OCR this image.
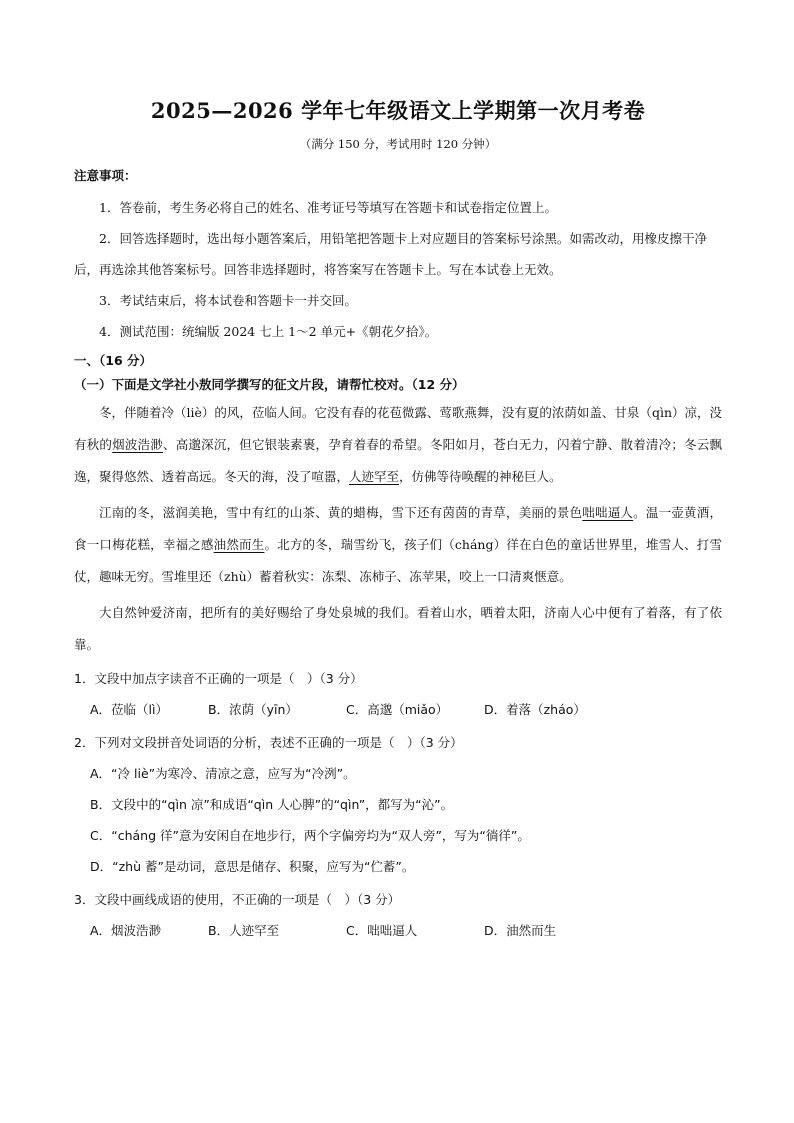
2025—2026 学年七年级语文上学期第一次月考卷
（满分 150 分，考试用时 120 分钟）
注意事项：

1．答卷前，考生务必将自己的姓名、准考证号等填写在答题卡和试卷指定位置上。

2．回答选择题时，选出每小题答案后，用铅笔把答题卡上对应题目的答案标号涂黑。如需改动，用橡皮擦干净后，再选涂其他答案标号。回答非选择题时，将答案写在答题卡上。写在本试卷上无效。

3．考试结束后，将本试卷和答题卡一并交回。

4．测试范围：统编版 2024 七上 1～2 单元+《朝花夕拾》。

一、（16 分）
（一）下面是文学社小敖同学撰写的征文片段，请帮忙校对。（12 分）

冬，伴随着冷（liè）的风，莅临人间。它没有春的花苞微露、莺歌燕舞，没有夏的浓荫如盖、甘泉（qìn）凉，没有秋的烟波浩渺、高邈深沉，但它银装素裹，孕育着春的希望。冬阳如月，苍白无力，闪着宁静、散着清冷；冬云飘逸，聚得悠然、透着高远。冬天的海，没了喧嚣，人迹罕至，仿佛等待唤醒的神秘巨人。

江南的冬，滋润美艳，雪中有红的山茶、黄的蜡梅，雪下还有茵茵的青草，美丽的景色咄咄逼人。温一壶黄酒，食一口梅花糕，幸福之感油然而生。北方的冬，瑞雪纷飞，孩子们（cháng）徉在白色的童话世界里，堆雪人、打雪仗，趣味无穷。雪堆里还（zhù）蓄着秋实：冻梨、冻柿子、冻苹果，咬上一口清爽惬意。

大自然钟爱济南，把所有的美好赐给了身处泉城的我们。看着山水，晒着太阳，济南人心中便有了着落，有了依靠。

1．文段中加点字读音不正确的一项是（　）（3 分）
A．莅临（lì）	B．浓荫（yīn）	C．高邈（miǎo）	D．着落（zháo）
2．下列对文段拼音处词语的分析，表述不正确的一项是（　）（3 分）
A．“冷 liè”为寒冷、清凉之意，应写为“冷洌”。
B．文段中的“qìn 凉”和成语“qìn 人心脾”的“qìn”，都写为“沁”。
C．“cháng 徉”意为安闲自在地步行，两个字偏旁均为“双人旁”，写为“徜徉”。
D．“zhù 蓄”是动词，意思是储存、积聚，应写为“伫蓄”。
3．文段中画线成语的使用，不正确的一项是（　）（3 分）
A．烟波浩渺	B．人迹罕至	C．咄咄逼人	D．油然而生
